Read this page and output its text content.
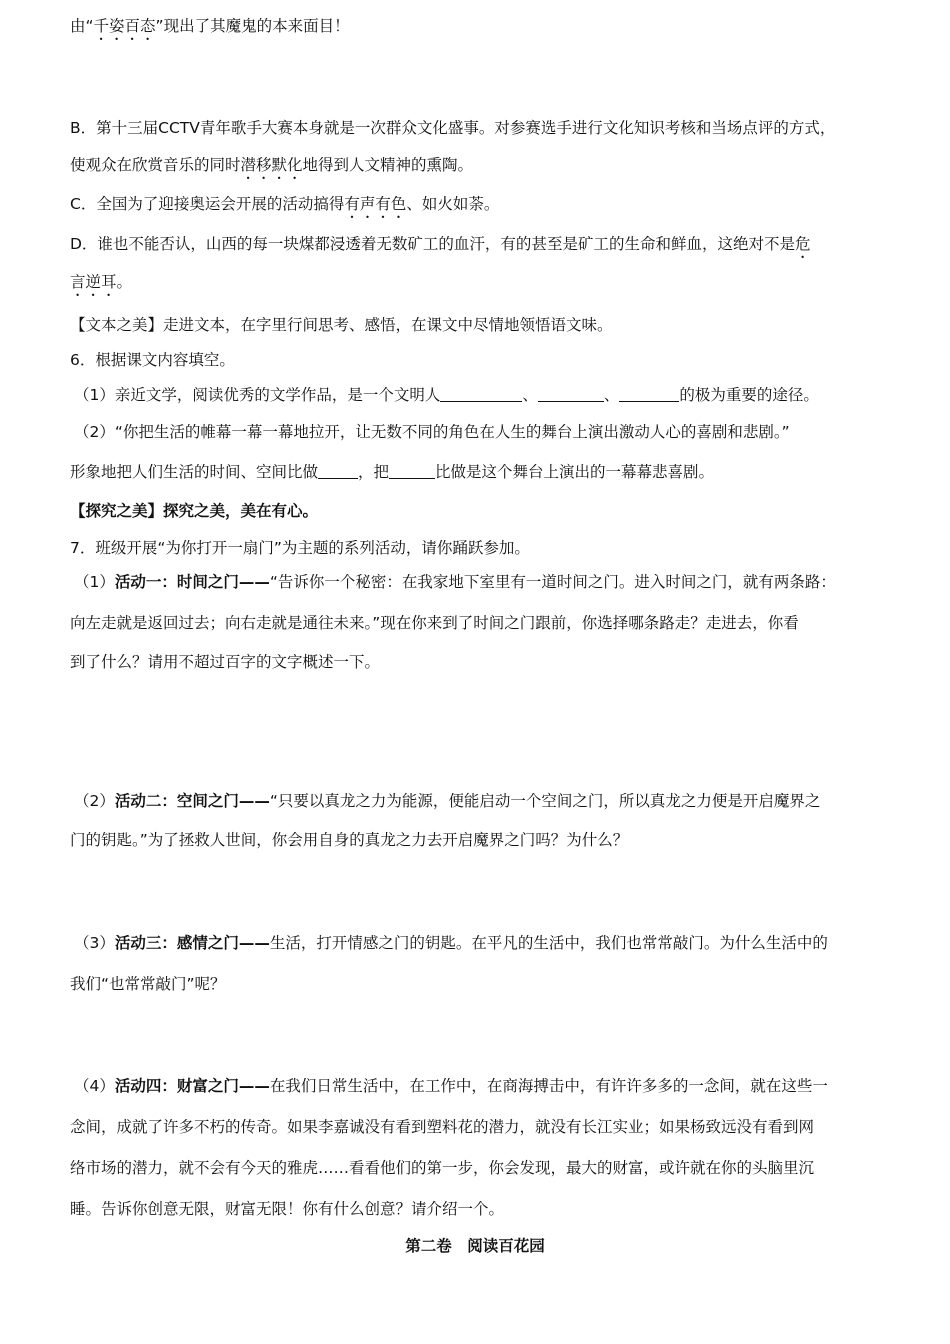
由“千姿百态”现出了其魔鬼的本来面目！
B．第十三届CCTV青年歌手大赛本身就是一次群众文化盛事。对参赛选手进行文化知识考核和当场点评的方式，
使观众在欣赏音乐的同时潜移默化地得到人文精神的熏陶。
C．全国为了迎接奥运会开展的活动搞得有声有色、如火如荼。
D．谁也不能否认，山西的每一块煤都浸透着无数矿工的血汗，有的甚至是矿工的生命和鲜血，这绝对不是危
言逆耳。
【文本之美】走进文本，在字里行间思考、感悟，在课文中尽情地领悟语文味。
6．根据课文内容填空。
（1）亲近文学，阅读优秀的文学作品，是一个文明人	、	、	的极为重要的途径。
（2）“你把生活的帷幕一幕一幕地拉开，让无数不同的角色在人生的舞台上演出激动人心的喜剧和悲剧。”
形象地把人们生活的时间、空间比做	，把	比做是这个舞台上演出的一幕幕悲喜剧。
【探究之美】探究之美，美在有心。
7．班级开展“为你打开一扇门”为主题的系列活动，请你踊跃参加。
（1）活动一：时间之门——“告诉你一个秘密：在我家地下室里有一道时间之门。进入时间之门，就有两条路：
向左走就是返回过去；向右走就是通往未来。”现在你来到了时间之门跟前，你选择哪条路走？走进去，你看
到了什么？请用不超过百字的文字概述一下。
（2）活动二：空间之门——“只要以真龙之力为能源，便能启动一个空间之门，所以真龙之力便是开启魔界之
门的钥匙。”为了拯救人世间，你会用自身的真龙之力去开启魔界之门吗？为什么？
（3）活动三：感情之门——生活，打开情感之门的钥匙。在平凡的生活中，我们也常常敲门。为什么生活中的
我们“也常常敲门”呢？
（4）活动四：财富之门——在我们日常生活中，在工作中，在商海搏击中，有许许多多的一念间，就在这些一
念间，成就了许多不朽的传奇。如果李嘉诚没有看到塑料花的潜力，就没有长江实业；如果杨致远没有看到网
络市场的潜力，就不会有今天的雅虎……看看他们的第一步，你会发现，最大的财富，或许就在你的头脑里沉
睡。告诉你创意无限，财富无限！你有什么创意？请介绍一个。
第二卷　阅读百花园
